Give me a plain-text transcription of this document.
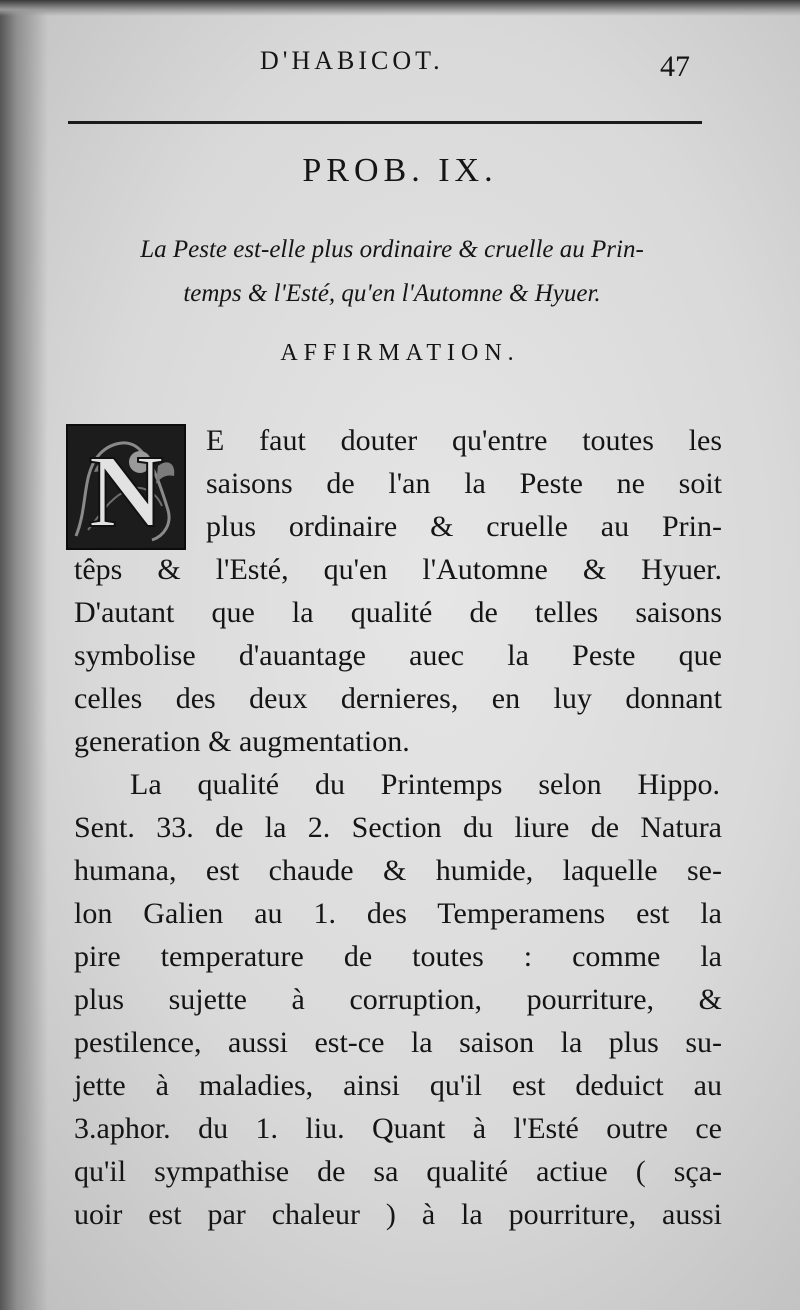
D'HABICOT.	47
PROB. IX.
La Peste est-elle plus ordinaire & cruelle au Prin-
temps & l'Esté, qu'en l'Automne & Hyuer.
AFFIRMATION.
N E faut douter qu'entre toutes les
saisons de l'an la Peste ne soit
plus ordinaire & cruelle au Prin-
têps & l'Esté, qu'en l'Automne & Hyuer.
D'autant que la qualité de telles saisons
symbolise d'auantage auec la Peste que
celles des deux dernieres, en luy donnant
generation & augmentation.
La qualité du Printemps selon Hippo.
Sent. 33. de la 2. Section du liure de Natura
humana, est chaude & humide, laquelle se-
lon Galien au 1. des Temperamens est la
pire temperature de toutes : comme la
plus sujette à corruption, pourriture, &
pestilence, aussi est-ce la saison la plus su-
jette à maladies, ainsi qu'il est deduict au
3.aphor. du 1. liu. Quant à l'Esté outre ce
qu'il sympathise de sa qualité actiue ( sça-
uoir est par chaleur ) à la pourriture, aussi
